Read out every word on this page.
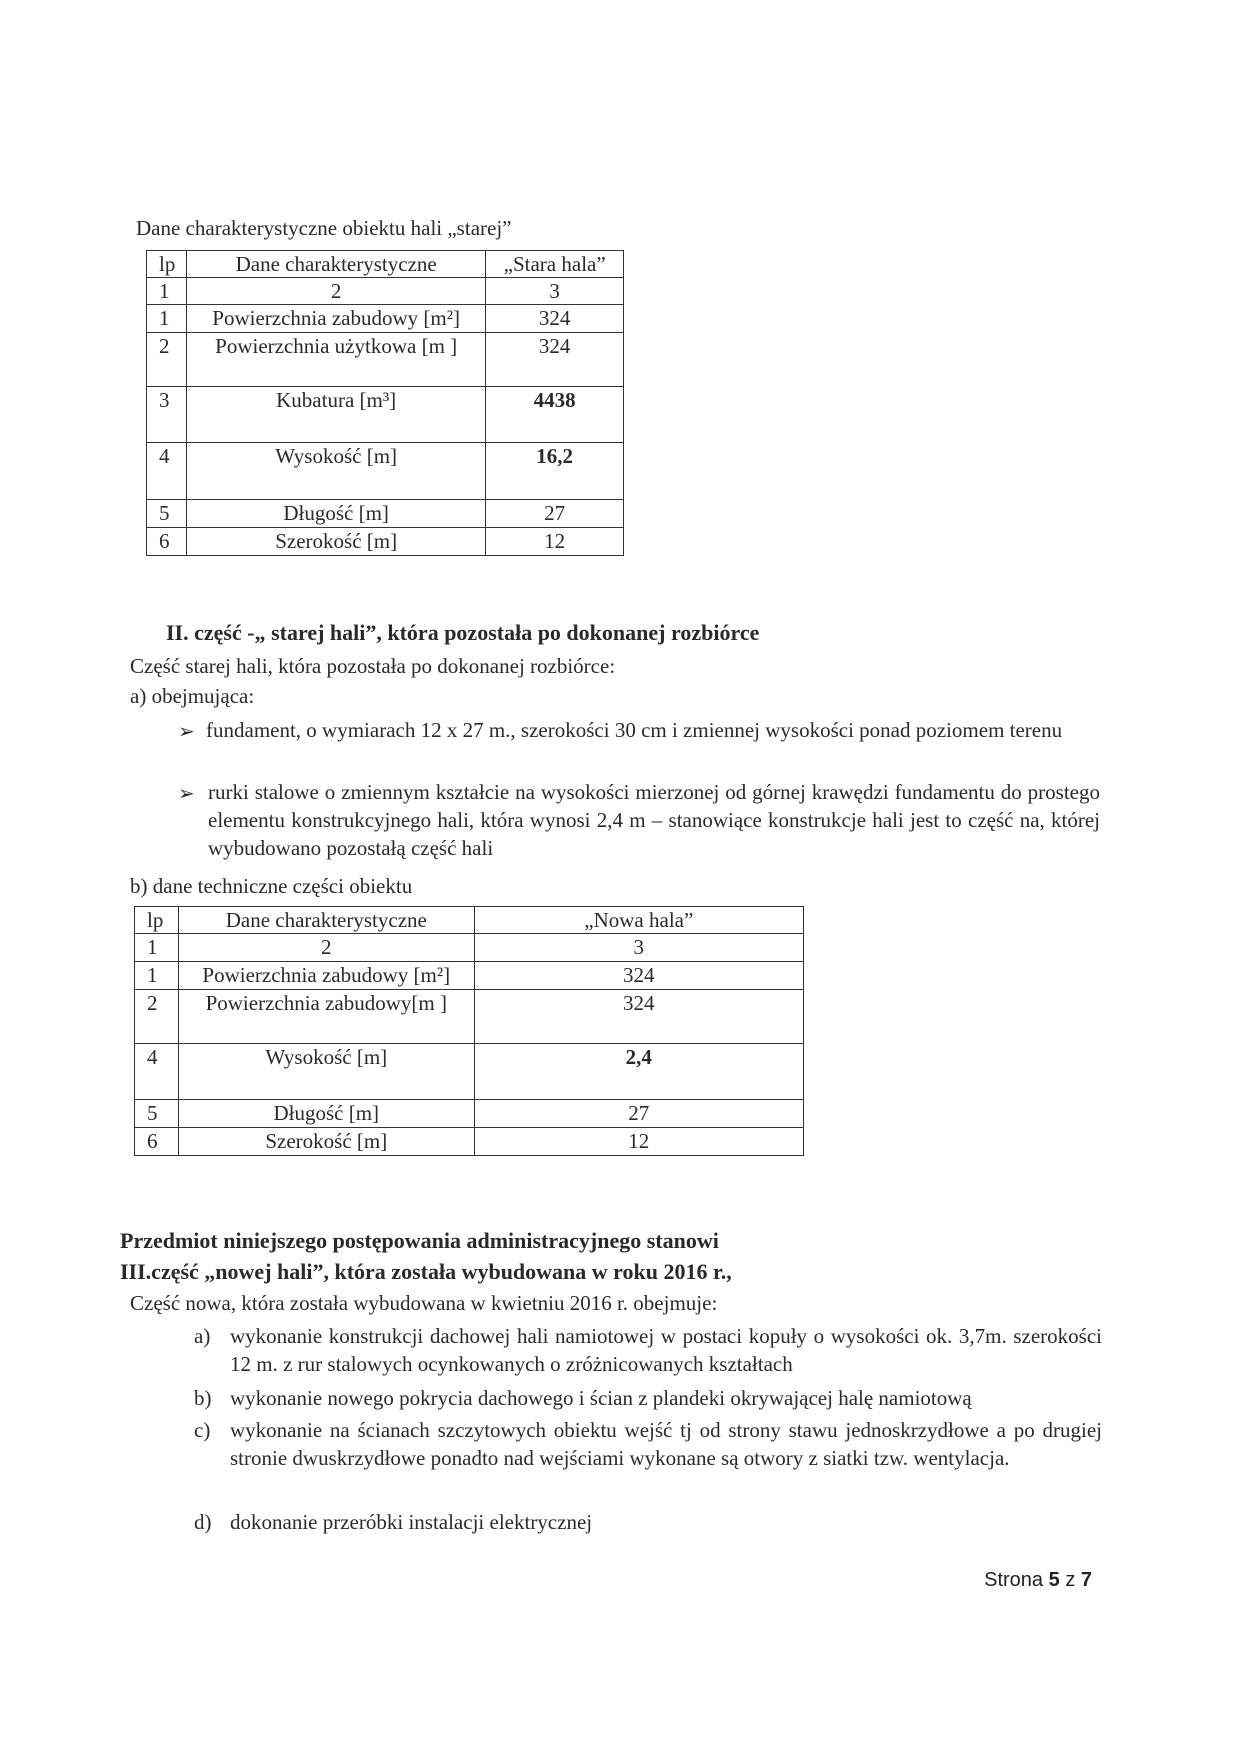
Dane charakterystyczne obiektu hali „starej”
lp	Dane charakterystyczne	„Stara hala”
1	2	3
1	Powierzchnia zabudowy [m²]	324
2	Powierzchnia użytkowa [m ]	324
3	Kubatura [m³]	4438
4	Wysokość [m]	16,2
5	Długość [m]	27
6	Szerokość [m]	12
II. część -„ starej hali”, która pozostała po dokonanej rozbiórce
Część starej hali, która pozostała po dokonanej rozbiórce:
a) obejmująca:
➢ fundament, o wymiarach 12 x 27 m., szerokości 30 cm i zmiennej wysokości ponad poziomem terenu
➢ rurki stalowe o zmiennym kształcie na wysokości mierzonej od górnej krawędzi fundamentu do prostego elementu konstrukcyjnego hali, która wynosi 2,4 m – stanowiące konstrukcje hali jest to część na, której wybudowano pozostałą część hali
b) dane techniczne części obiektu
lp	Dane charakterystyczne	„Nowa hala”
1	2	3
1	Powierzchnia zabudowy [m²]	324
2	Powierzchnia zabudowy[m ]	324
4	Wysokość [m]	2,4
5	Długość [m]	27
6	Szerokość [m]	12
Przedmiot niniejszego postępowania administracyjnego stanowi
III.część „nowej hali”, która została wybudowana w roku 2016 r.,
Część nowa, która została wybudowana w kwietniu 2016 r. obejmuje:
a) wykonanie konstrukcji dachowej hali namiotowej w postaci kopuły o wysokości ok. 3,7m. szerokości 12 m. z rur stalowych ocynkowanych o zróżnicowanych kształtach
b) wykonanie nowego pokrycia dachowego i ścian z plandeki okrywającej halę namiotową
c) wykonanie na ścianach szczytowych obiektu wejść tj od strony stawu jednoskrzydłowe a po drugiej stronie dwuskrzydłowe ponadto nad wejściami wykonane są otwory z siatki tzw. wentylacja.
d) dokonanie przeróbki instalacji elektrycznej
Strona 5 z 7
